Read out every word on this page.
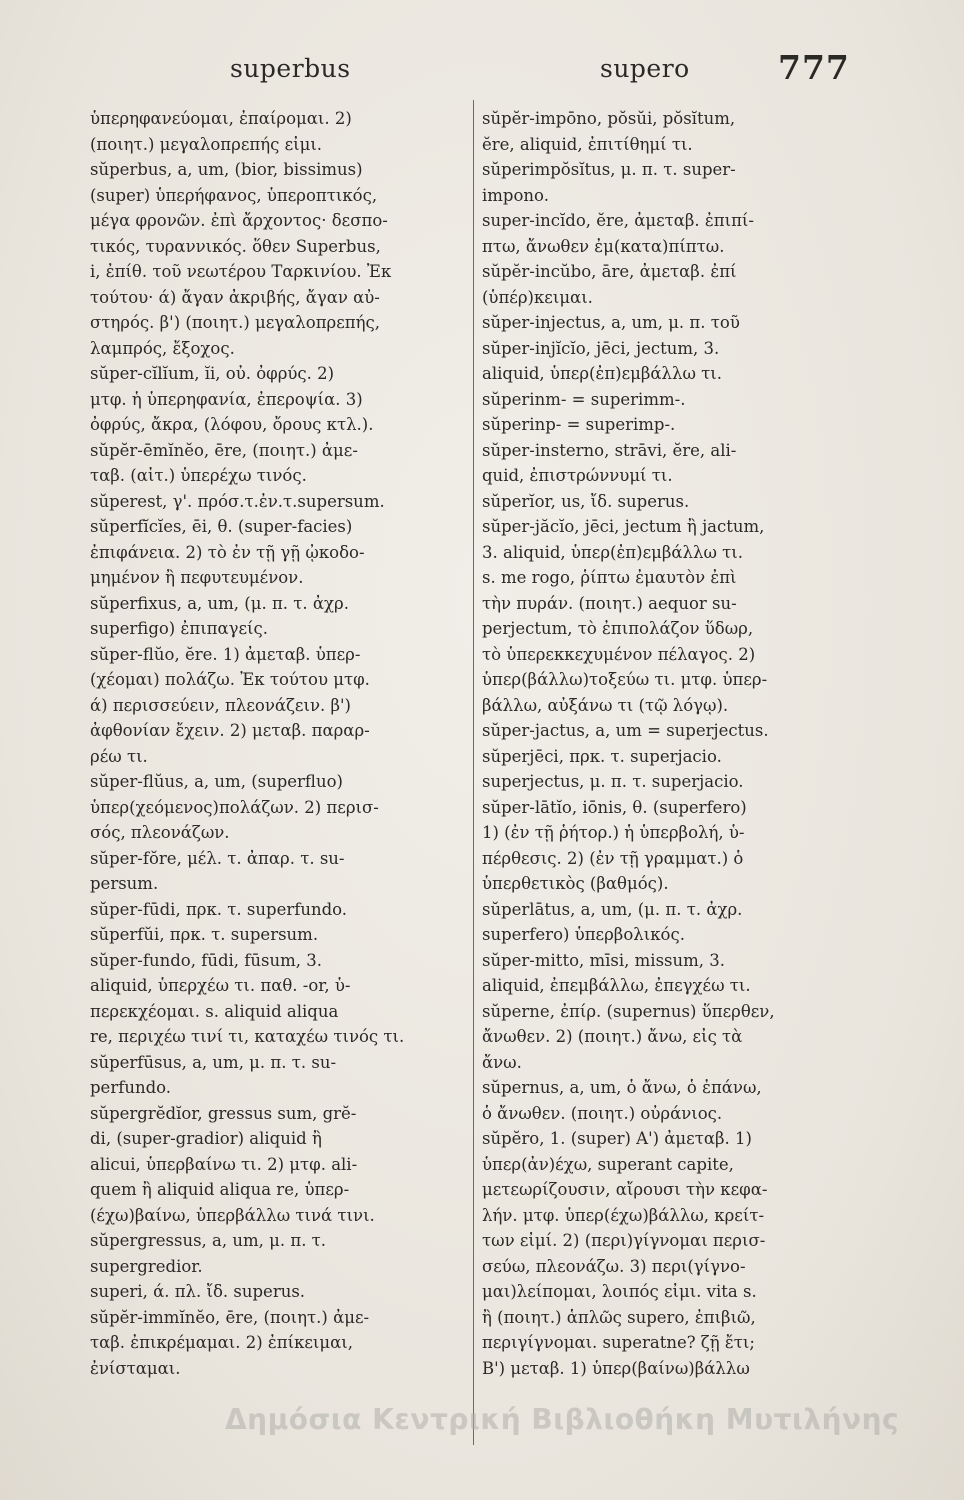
superbus	supero	777
ὑπερηφανεύομαι, ἐπαίρομαι. 2)
(ποιητ.) μεγαλοπρεπής εἰμι.
sŭperbus, a, um, (bior, bissimus)
(super) ὑπερήφανος, ὑπεροπτικός,
μέγα φρονῶν. ἐπὶ ἄρχοντος· δεσπο-
τικός, τυραννικός. ὅθεν Superbus,
i, ἐπίθ. τοῦ νεωτέρου Ταρκινίου. Ἐκ
τούτου· ά) ἄγαν ἀκριβής, ἄγαν αὐ-
στηρός. β') (ποιητ.) μεγαλοπρεπής,
λαμπρός, ἔξοχος.
sŭper-cĭlĭum, ĭi, οὐ. ὀφρύς. 2)
μτφ. ἡ ὑπερηφανία, ἐπεροψία. 3)
ὀφρύς, ἄκρα, (λόφου, ὄρους κτλ.).
sŭpĕr-ēmĭnĕo, ēre, (ποιητ.) ἀμε-
ταβ. (αἰτ.) ὑπερέχω τινός.
sŭperest, γ'. πρόσ.τ.ἐν.τ.supersum.
sŭperfĭcĭes, ēi, θ. (super-facies)
ἐπιφάνεια. 2) τὸ ἐν τῇ γῇ ᾠκοδο-
μημένον ἢ πεφυτευμένον.
sŭperfixus, a, um, (μ. π. τ. ἀχρ.
superfigo) ἐπιπαγείς.
sŭper-flŭo, ĕre. 1) ἀμεταβ. ὑπερ-
(χέομαι) πολάζω. Ἐκ τούτου μτφ.
ά) περισσεύειν, πλεονάζειν. β')
ἀφθονίαν ἔχειν. 2) μεταβ. παραρ-
ρέω τι.
sŭper-flŭus, a, um, (superfluo)
ὑπερ(χεόμενος)πολάζων. 2) περισ-
σός, πλεονάζων.
sŭper-fŏre, μέλ. τ. ἀπαρ. τ. su-
persum.
sŭper-fūdi, πρκ. τ. superfundo.
sŭperfŭi, πρκ. τ. supersum.
sŭper-fundo, fūdi, fūsum, 3.
aliquid, ὑπερχέω τι. παθ. -or, ὑ-
περεκχέομαι. s. aliquid aliqua
re, περιχέω τινί τι, καταχέω τινός τι.
sŭperfūsus, a, um, μ. π. τ. su-
perfundo.
sŭpergrĕdĭor, gressus sum, grĕ-
di, (super-gradior) aliquid ἢ
alicui, ὑπερβαίνω τι. 2) μτφ. ali-
quem ἢ aliquid aliqua re, ὑπερ-
(έχω)βαίνω, ὑπερβάλλω τινά τινι.
sŭpergressus, a, um, μ. π. τ.
supergredior.
superi, ά. πλ. ἴδ. superus.
sŭpĕr-immĭnĕo, ēre, (ποιητ.) ἀμε-
ταβ. ἐπικρέμαμαι. 2) ἐπίκειμαι,
ἐνίσταμαι.
sŭpĕr-impōno, pŏsŭi, pŏsĭtum,
ĕre, aliquid, ἐπιτίθημί τι.
sŭperimpŏsĭtus, μ. π. τ. super-
impono.
super-incĭdo, ĕre, ἀμεταβ. ἐπιπί-
πτω, ἄνωθεν ἐμ(κατα)πίπτω.
sŭpĕr-incŭbo, āre, ἀμεταβ. ἐπί
(ὑπέρ)κειμαι.
sŭper-injectus, a, um, μ. π. τοῦ
sŭper-injĭcĭo, jēci, jectum, 3.
aliquid, ὑπερ(ἐπ)εμβάλλω τι.
sŭperinm- = superimm-.
sŭperinp- = superimp-.
sŭper-insterno, strāvi, ĕre, ali-
quid, ἐπιστρώννυμί τι.
sŭperĭor, us, ἴδ. superus.
sŭper-jăcĭo, jēci, jectum ἢ jactum,
3. aliquid, ὑπερ(ἐπ)εμβάλλω τι.
s. me rogo, ῥίπτω ἐμαυτὸν ἐπὶ
τὴν πυράν. (ποιητ.) aequor su-
perjectum, τὸ ἐπιπολάζον ὕδωρ,
τὸ ὑπερεκκεχυμένον πέλαγος. 2)
ὑπερ(βάλλω)τοξεύω τι. μτφ. ὑπερ-
βάλλω, αὐξάνω τι (τῷ λόγῳ).
sŭper-jactus, a, um = superjectus.
sŭperjēci, πρκ. τ. superjacio.
superjectus, μ. π. τ. superjacio.
sŭper-lātĭo, iōnis, θ. (superfero)
1) (ἐν τῇ ῥήτορ.) ἡ ὑπερβολή, ὑ-
πέρθεσις. 2) (ἐν τῇ γραμματ.) ὁ
ὑπερθετικὸς (βαθμός).
sŭperlātus, a, um, (μ. π. τ. ἀχρ.
superfero) ὑπερβολικός.
sŭper-mitto, mīsi, missum, 3.
aliquid, ἐπεμβάλλω, ἐπεγχέω τι.
sŭperne, ἐπίρ. (supernus) ὕπερθεν,
ἄνωθεν. 2) (ποιητ.) ἄνω, εἰς τὰ
ἄνω.
sŭpernus, a, um, ὁ ἄνω, ὁ ἐπάνω,
ὁ ἄνωθεν. (ποιητ.) οὐράνιος.
sŭpĕro, 1. (super) Α') ἀμεταβ. 1)
ὑπερ(ἀν)έχω, superant capite,
μετεωρίζουσιν, αἴρουσι τὴν κεφα-
λήν. μτφ. ὑπερ(έχω)βάλλω, κρείτ-
των εἰμί. 2) (περι)γίγνομαι περισ-
σεύω, πλεονάζω. 3) περι(γίγνο-
μαι)λείπομαι, λοιπός εἰμι. vita s.
ἢ (ποιητ.) ἁπλῶς supero, ἐπιβιῶ,
περιγίγνομαι. superatne? ζῇ ἔτι;
Β') μεταβ. 1) ὑπερ(βαίνω)βάλλω
Δημόσια Κεντρική Βιβλιοθήκη Μυτιλήνης
